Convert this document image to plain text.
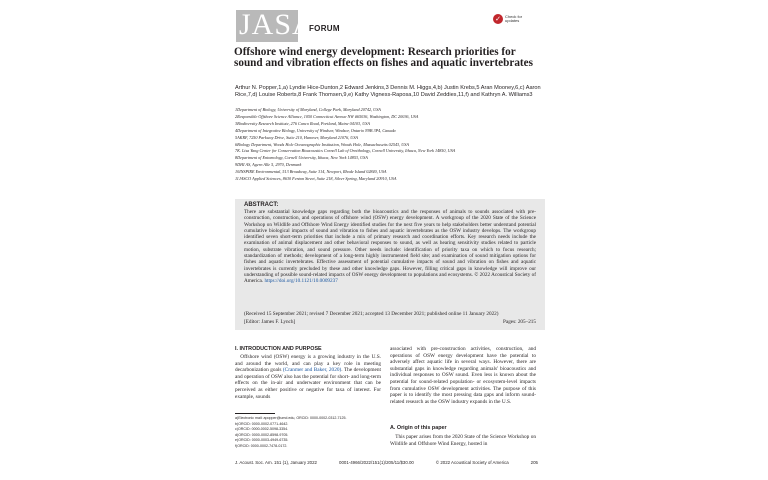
JASA
FORUM
✓	Check for updates
Offshore wind energy development: Research priorities for sound and vibration effects on fishes and aquatic invertebrates
Arthur N. Popper,1,a) Lyndie Hice-Dunton,2 Edward Jenkins,3 Dennis M. Higgs,4,b) Justin Krebs,5 Aran Mooney,6,c) Aaron Rice,7,d) Louise Roberts,8 Frank Thomsen,9,e) Kathy Vigness-Raposa,10 David Zeddies,11,f) and Kathryn A. Williams3
1Department of Biology, University of Maryland, College Park, Maryland 20742, USA
2Responsible Offshore Science Alliance, 1050 Connecticut Avenue NW #65036, Washington, DC 20036, USA
3Biodiversity Research Institute, 276 Canco Road, Portland, Maine 04103, USA
4Department of Integrative Biology, University of Windsor, Windsor, Ontario N9B 3P4, Canada
5AKRF, 7250 Parkway Drive, Suite 210, Hanover, Maryland 21076, USA
6Biology Department, Woods Hole Oceanographic Institution, Woods Hole, Massachusetts 02543, USA
7K. Lisa Yang Center for Conservation Bioacoustics Cornell Lab of Ornithology, Cornell University, Ithaca, New York 14850, USA
8Department of Entomology, Cornell University, Ithaca, New York 14853, USA
9DHI AS, Agern Alle 5, 2970, Denmark
10INSPIRE Environmental, 513 Broadway, Suite 314, Newport, Rhode Island 02840, USA
11JASCO Applied Sciences, 8630 Fenton Street, Suite 218, Silver Spring, Maryland 20910, USA
ABSTRACT:
There are substantial knowledge gaps regarding both the bioacoustics and the responses of animals to sounds associated with pre-construction, construction, and operations of offshore wind (OSW) energy development. A workgroup of the 2020 State of the Science Workshop on Wildlife and Offshore Wind Energy identified studies for the next five years to help stakeholders better understand potential cumulative biological impacts of sound and vibration to fishes and aquatic invertebrates as the OSW industry develops. The workgroup identified seven short-term priorities that include a mix of primary research and coordination efforts. Key research needs include the examination of animal displacement and other behavioral responses to sound, as well as hearing sensitivity studies related to particle motion, substrate vibration, and sound pressure. Other needs include: identification of priority taxa on which to focus research; standardization of methods; development of a long-term highly instrumented field site; and examination of sound mitigation options for fishes and aquatic invertebrates. Effective assessment of potential cumulative impacts of sound and vibration on fishes and aquatic invertebrates is currently precluded by these and other knowledge gaps. However, filling critical gaps in knowledge will improve our understanding of possible sound-related impacts of OSW energy development to populations and ecosystems. © 2022 Acoustical Society of America. https://doi.org/10.1121/10.0009237
(Received 15 September 2021; revised 7 December 2021; accepted 13 December 2021; published online 11 January 2022)
[Editor: James F. Lynch]	Pages: 205–215
I. INTRODUCTION AND PURPOSE
 Offshore wind (OSW) energy is a growing industry in the U.S. and around the world, and can play a key role in meeting decarbonization goals (Cranmer and Baker, 2020). The development and operation of OSW also has the potential for short- and long-term effects on the in-air and underwater environment that can be perceived as either positive or negative for taxa of interest. For example, sounds
associated with pre-construction activities, construction, and operations of OSW energy development have the potential to adversely affect aquatic life in several ways. However, there are substantial gaps in knowledge regarding animals' bioacoustics and individual responses to OSW sound. Even less is known about the potential for sound-related population- or ecosystem-level impacts from cumulative OSW development activities. The purpose of this paper is to identify the most pressing data gaps and inform sound-related research as the OSW industry expands in the U.S.
A. Origin of this paper
 This paper arises from the 2020 State of the Science Workshop on Wildlife and Offshore Wind Energy, hosted in
a)Electronic mail: apopper@umd.edu, ORCID: 0000-0002-0312-7125.
b)ORCID: 0000-0002-0771-4642.
c)ORCID: 0000-0002-5098-3354.
d)ORCID: 0000-0002-8598-9705.
e)ORCID: 0000-0003-4949-6735.
f)ORCID: 0000-0002-7478-0172.
J. Acoust. Soc. Am. 151 (1), January 2022	0001-4966/2022/151(1)/205/11/$30.00	© 2022 Acoustical Society of America	205
